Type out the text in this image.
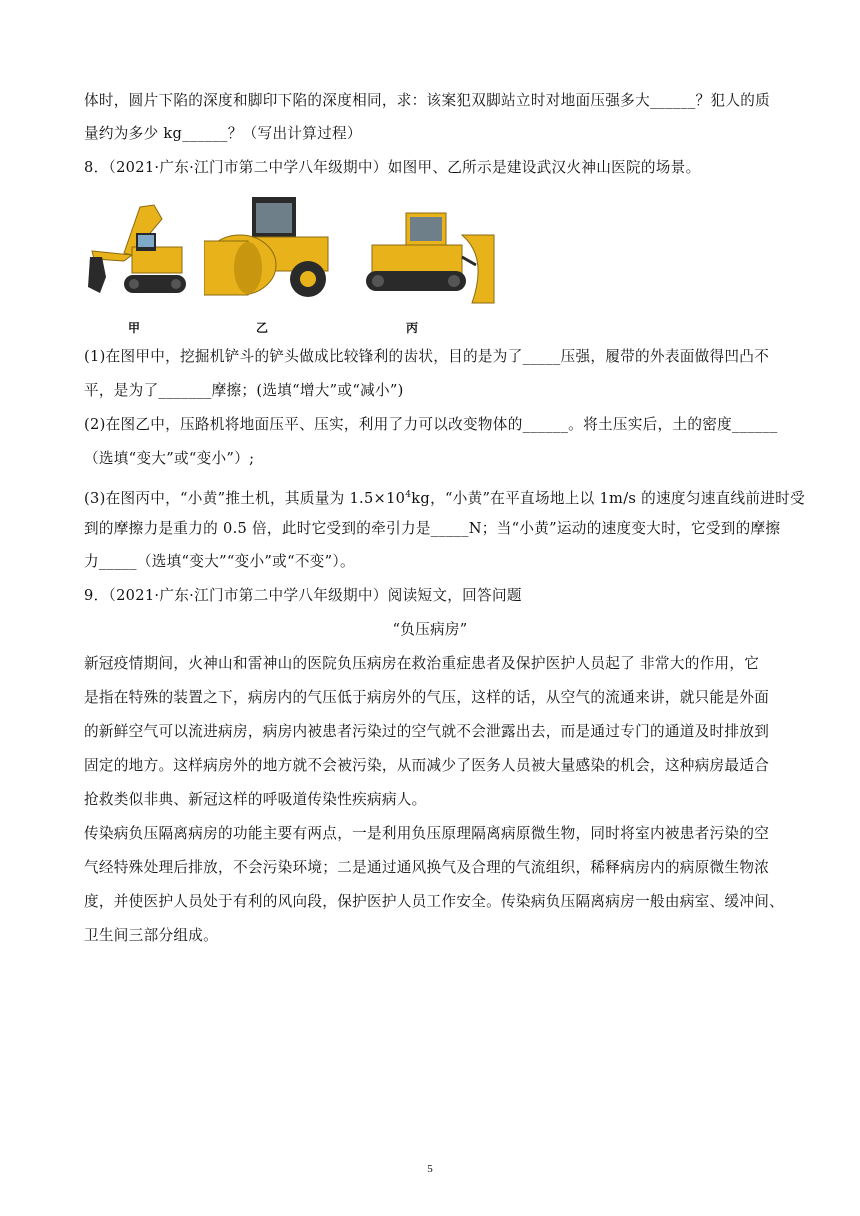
体时，圆片下陷的深度和脚印下陷的深度相同，求：该案犯双脚站立时对地面压强多大______？犯人的质
量约为多少 kg______？（写出计算过程）
8．（2021·广东·江门市第二中学八年级期中）如图甲、乙所示是建设武汉火神山医院的场景。
甲	乙	丙
(1)在图甲中，挖掘机铲斗的铲头做成比较锋利的齿状，目的是为了_____压强，履带的外表面做得凹凸不
平，是为了_______摩擦；(选填“增大”或“减小”)
(2)在图乙中，压路机将地面压平、压实，利用了力可以改变物体的______。将土压实后，土的密度______
（选填“变大”或“变小”）;
(3)在图丙中，“小黄”推土机，其质量为 $1.5\times 10^4kg$，“小黄”在平直场地上以 1m/s 的速度匀速直线前进时受
到的摩擦力是重力的 0.5 倍，此时它受到的牵引力是_____N；当“小黄”运动的速度变大时，它受到的摩擦
力_____（选填“变大”“变小”或“不变”）。
9．（2021·广东·江门市第二中学八年级期中）阅读短文，回答问题
“负压病房”
新冠疫情期间，火神山和雷神山的医院负压病房在救治重症患者及保护医护人员起了 非常大的作用，它
是指在特殊的装置之下，病房内的气压低于病房外的气压，这样的话，从空气的流通来讲，就只能是外面
的新鲜空气可以流进病房，病房内被患者污染过的空气就不会泄露出去，而是通过专门的通道及时排放到
固定的地方。这样病房外的地方就不会被污染，从而减少了医务人员被大量感染的机会，这种病房最适合
抢救类似非典、新冠这样的呼吸道传染性疾病病人。
传染病负压隔离病房的功能主要有两点，一是利用负压原理隔离病原微生物，同时将室内被患者污染的空
气经特殊处理后排放，不会污染环境；二是通过通风换气及合理的气流组织，稀释病房内的病原微生物浓
度，并使医护人员处于有利的风向段，保护医护人员工作安全。传染病负压隔离病房一般由病室、缓冲间、
卫生间三部分组成。
5
